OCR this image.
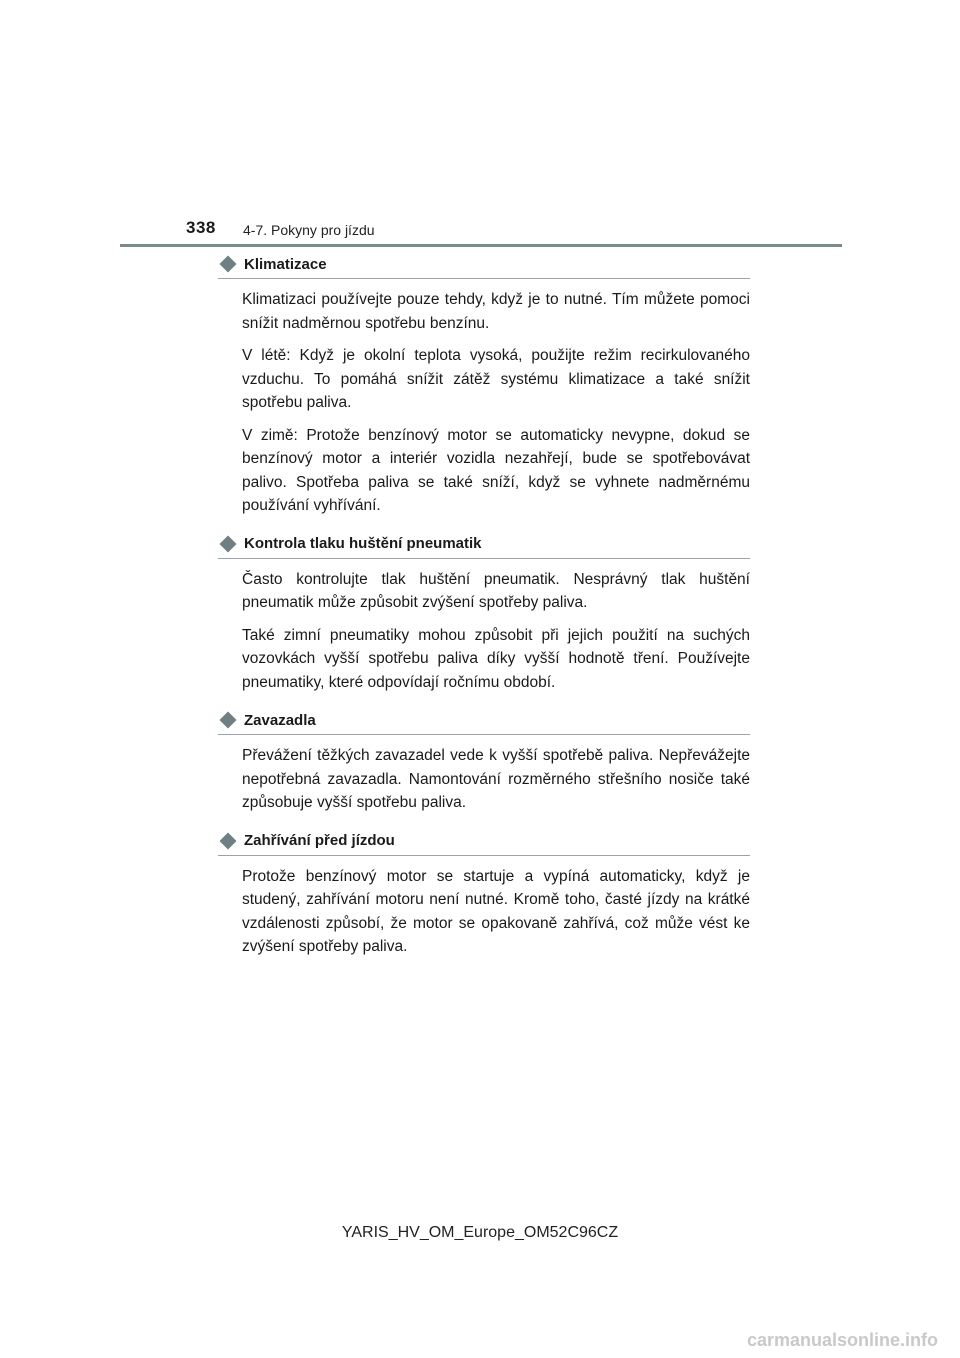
338 4-7. Pokyny pro jízdu
Klimatizace

Klimatizaci používejte pouze tehdy, když je to nutné. Tím můžete pomoci snížit nadměrnou spotřebu benzínu.

V létě: Když je okolní teplota vysoká, použijte režim recirkulovaného vzduchu. To pomáhá snížit zátěž systému klimatizace a také snížit spotřebu paliva.

V zimě: Protože benzínový motor se automaticky nevypne, dokud se benzínový motor a interiér vozidla nezahřejí, bude se spotřebovávat palivo. Spotřeba paliva se také sníží, když se vyhnete nadměrnému používání vyhřívání.

Kontrola tlaku huštění pneumatik

Často kontrolujte tlak huštění pneumatik. Nesprávný tlak huštění pneumatik může způsobit zvýšení spotřeby paliva.

Také zimní pneumatiky mohou způsobit při jejich použití na suchých vozovkách vyšší spotřebu paliva díky vyšší hodnotě tření. Používejte pneumatiky, které odpovídají ročnímu období.

Zavazadla

Převážení těžkých zavazadel vede k vyšší spotřebě paliva. Nepřevážejte nepotřebná zavazadla. Namontování rozměrného střešního nosiče také způsobuje vyšší spotřebu paliva.

Zahřívání před jízdou

Protože benzínový motor se startuje a vypíná automaticky, když je studený, zahřívání motoru není nutné. Kromě toho, časté jízdy na krátké vzdálenosti způsobí, že motor se opakovaně zahřívá, což může vést ke zvýšení spotřeby paliva.

YARIS_HV_OM_Europe_OM52C96CZ
carmanualsonline.info
